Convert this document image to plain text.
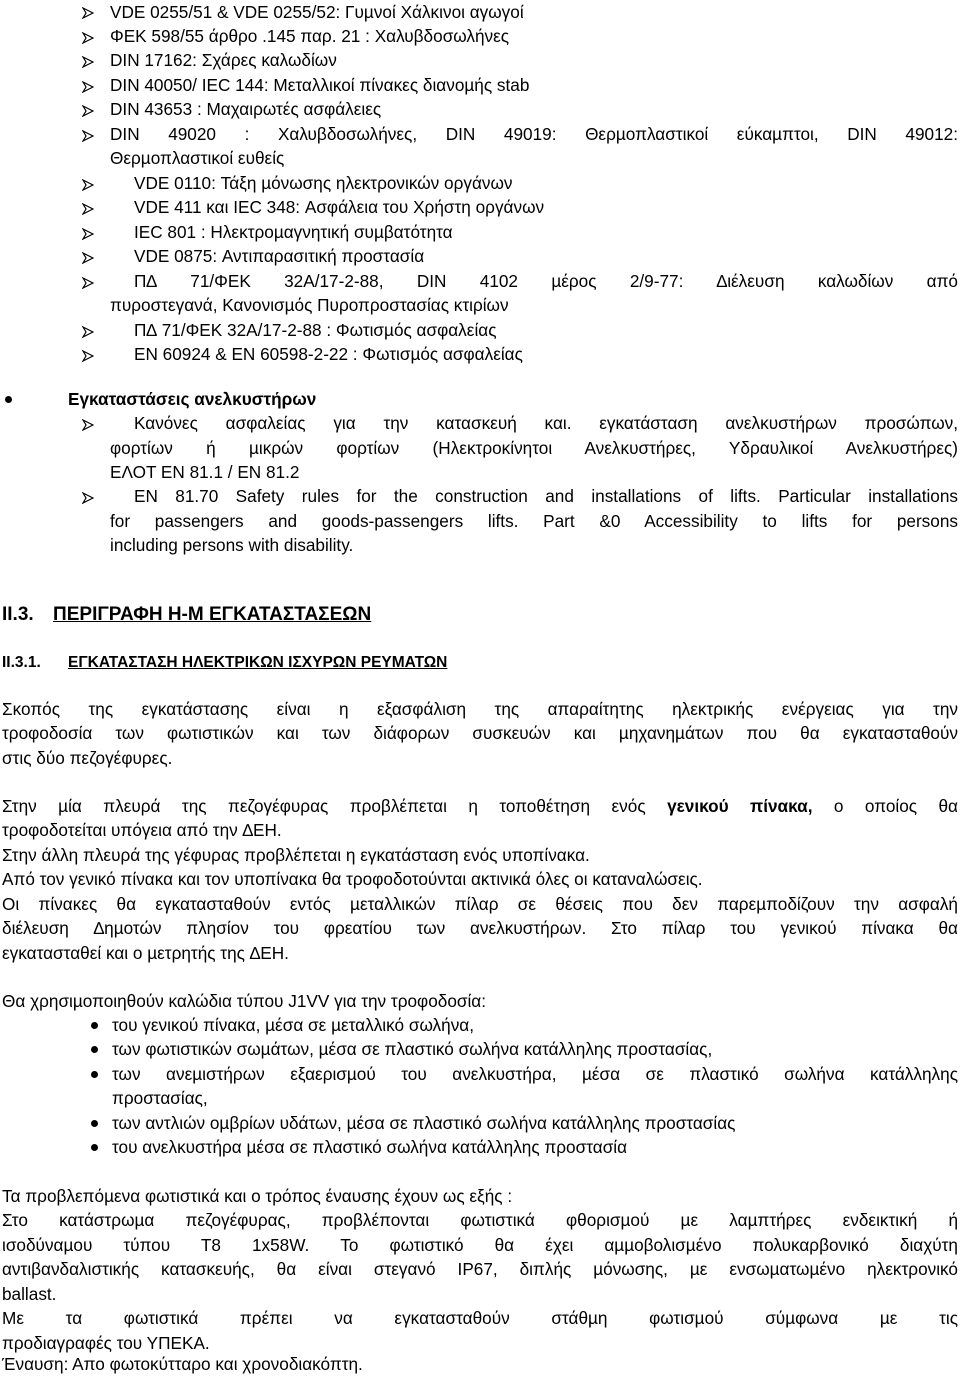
VDE 0255/51 & VDE 0255/52: Γυµνοί Χάλκινοι αγωγοί
ΦΕΚ 598/55 άρθρο .145 παρ. 21 : Χαλυβδοσωλήνες
DIN 17162: Σχάρες καλωδίων
DIN 40050/ IEC 144: Μεταλλικοί πίνακες διανοµής stab
DIN 43653 : Μαχαιρωτές ασφάλειες
DIN 49020 : Χαλυβδοσωλήνες, DIN 49019: Θερµοπλαστικοί εύκαµπτοι, DIN 49012:
Θερµοπλαστικοί ευθείς
VDE 0110: Τάξη µόνωσης ηλεκτρονικών οργάνων
VDE 411 και IEC 348: Ασφάλεια του Χρήστη οργάνων
IEC 801 : Ηλεκτροµαγνητική συµβατότητα
VDE 0875: Αντιπαρασιτική προστασία
Π∆ 71/ΦΕΚ 32Α/17-2-88, DIN 4102 µέρος 2/9-77: ∆ιέλευση καλωδίων από
πυροστεγανά, Κανονισµός Πυροπροστασίας κτιρίων
Π∆ 71/ΦΕΚ 32Α/17-2-88 : Φωτισµός ασφαλείας
ΕΝ 60924 & ΕΝ 60598-2-22 : Φωτισµός ασφαλείας
Εγκαταστάσεις ανελκυστήρων
Κανόνες ασφαλείας για την κατασκευή και. εγκατάσταση ανελκυστήρων προσώπων,
φορτίων ή µικρών φορτίων (Ηλεκτροκίνητοι Ανελκυστήρες, Υδραυλικοί Ανελκυστήρες)
ΕΛΟΤ ΕΝ 81.1 / ΕΝ 81.2
ΕΝ 81.70 Safety rules for the construction and installations of lifts. Particular installations
for passengers and goods-passengers lifts. Part &0 Accessibility to lifts for persons
including persons with disability.
ΙΙ.3. ΠΕΡΙΓΡΑΦΗ Η-Μ ΕΓΚΑΤΑΣΤΑΣΕΩΝ
ΙΙ.3.1. ΕΓΚΑΤΑΣΤΑΣΗ ΗΛΕΚΤΡΙΚΩΝ ΙΣΧΥΡΩΝ ΡΕΥΜΑΤΩΝ
Σκοπός της εγκατάστασης είναι η εξασφάλιση της απαραίτητης ηλεκτρικής ενέργειας για την
τροφοδοσία των φωτιστικών και των διάφορων συσκευών και µηχανηµάτων που θα εγκατασταθούν
στις δύο πεζογέφυρες.
Στην µία πλευρά της πεζογέφυρας προβλέπεται η τοποθέτηση ενός γενικού πίνακα, ο οποίος θα
τροφοδοτείται υπόγεια από την ∆ΕΗ.
Στην άλλη πλευρά της γέφυρας προβλέπεται η εγκατάσταση ενός υποπίνακα.
Από τον γενικό πίνακα και τον υποπίνακα θα τροφοδοτούνται ακτινικά όλες οι καταναλώσεις.
Οι πίνακες θα εγκατασταθούν εντός µεταλλικών πίλαρ σε θέσεις που δεν παρεµποδίζουν την ασφαλή
διέλευση ∆ηµοτών πλησίον του φρεατίου των ανελκυστήρων. Στο πίλαρ του γενικού πίνακα θα
εγκατασταθεί και ο µετρητής της ∆ΕΗ.
Θα χρησιµοποιηθούν καλώδια τύπου J1VV για την τροφοδοσία:
του γενικού πίνακα, µέσα σε µεταλλικό σωλήνα,
των φωτιστικών σωµάτων, µέσα σε πλαστικό σωλήνα κατάλληλης προστασίας,
των ανεµιστήρων εξαερισµού του ανελκυστήρα, µέσα σε πλαστικό σωλήνα κατάλληλης
προστασίας,
των αντλιών οµβρίων υδάτων, µέσα σε πλαστικό σωλήνα κατάλληλης προστασίας
του ανελκυστήρα µέσα σε πλαστικό σωλήνα κατάλληλης προστασία
Τα προβλεπόµενα φωτιστικά και ο τρόπος έναυσης έχουν ως εξής :
Στο κατάστρωµα πεζογέφυρας, προβλέπονται φωτιστικά φθορισµού µε λαµπτήρες ενδεικτική ή
ισοδύναµου τύπου Τ8 1x58W. Το φωτιστικό θα έχει αµµοβολισµένο πολυκαρβονικό διαχύτη
αντιβανδαλιστικής κατασκευής, θα είναι στεγανό ΙΡ67, διπλής µόνωσης, µε ενσωµατωµένο ηλεκτρονικό
ballast.
Με τα φωτιστικά πρέπει να εγκατασταθούν στάθµη φωτισµού σύµφωνα µε τις
προδιαγραφές του ΥΠΕΚΑ.
Έναυση: Απο φωτοκύτταρο και χρονοδιακόπτη.
